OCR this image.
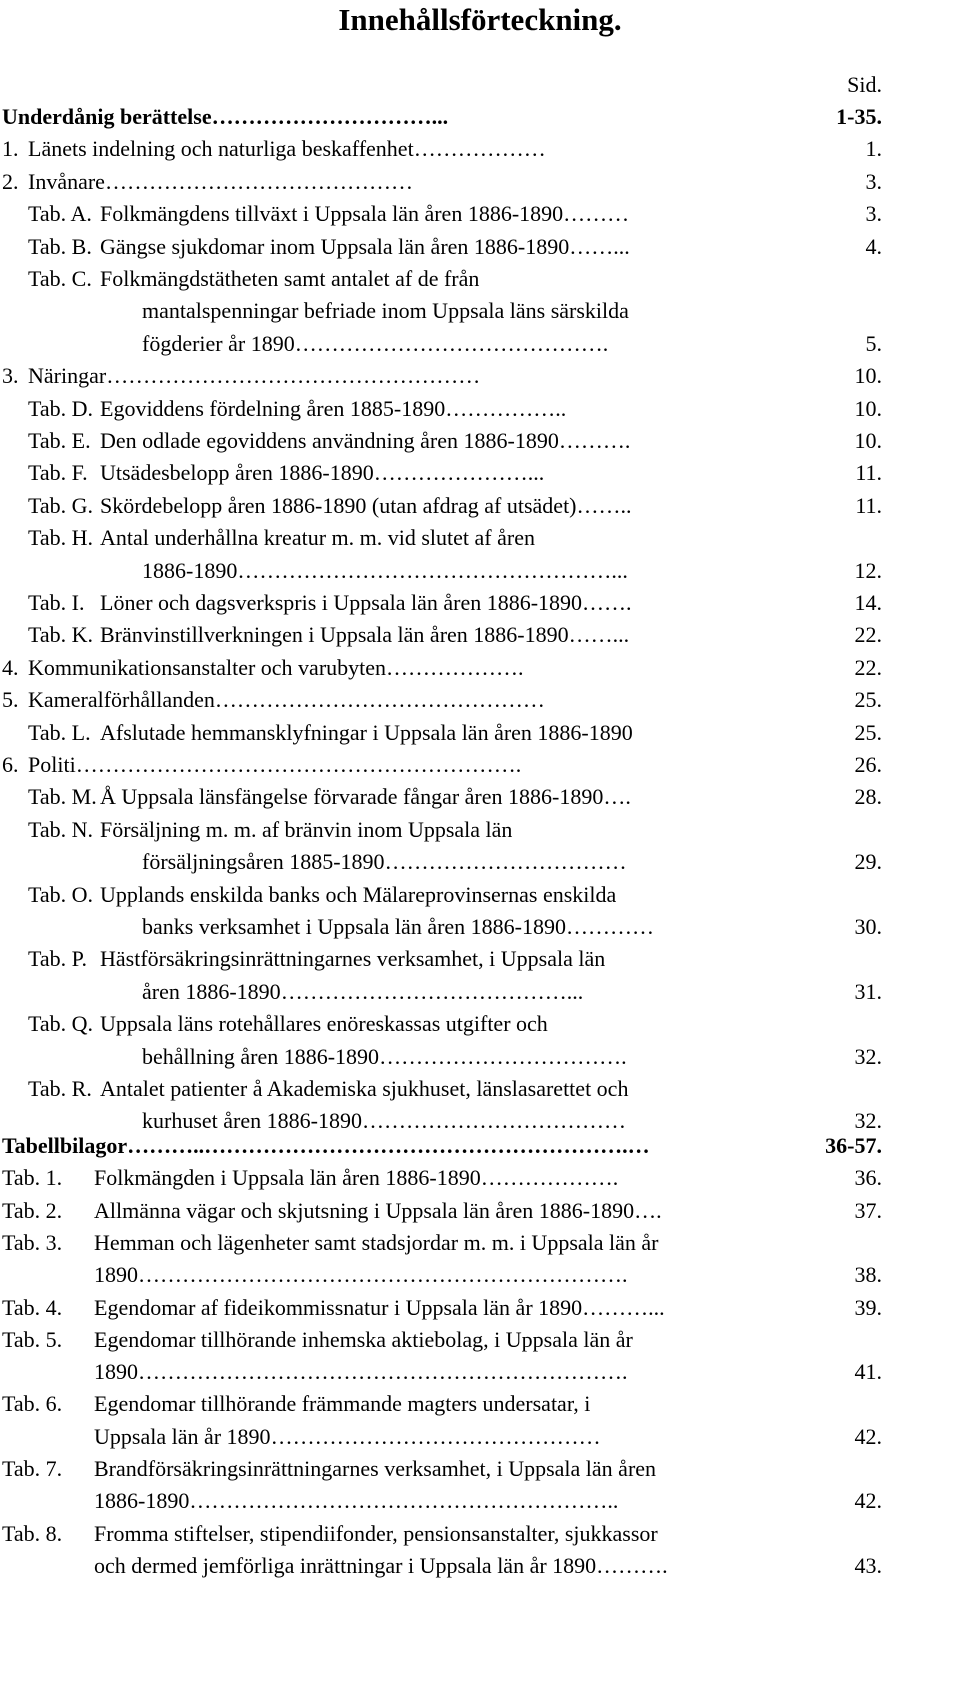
Innehållsförteckning.
Sid.
Underdånig berättelse …………………………...	1-35.
1. Länets indelning och naturliga beskaffenhet ………………	1.
2. Invånare ……………………………………	3.
Tab. A. Folkmängdens tillväxt i Uppsala län åren 1886-1890 ………	3.
Tab. B. Gängse sjukdomar inom Uppsala län åren 1886-1890 ……...	4.
Tab. C. Folkmängdstätheten samt antalet af de från
mantalspenningar befriade inom Uppsala läns särskilda
fögderier år 1890 …………………………………….	5.
3. Näringar ……………………………………………	10.
Tab. D. Egoviddens fördelning åren 1885-1890 ……………..	10.
Tab. E. Den odlade egoviddens användning åren 1886-1890 ……….	10.
Tab. F. Utsädesbelopp åren 1886-1890 …………………...	11.
Tab. G. Skördebelopp åren 1886-1890 (utan afdrag af utsädet) ……..	11.
Tab. H. Antal underhållna kreatur m. m. vid slutet af åren
1886-1890 ……………………………………………...	12.
Tab. I. Löner och dagsverkspris i Uppsala län åren 1886-1890 …….	14.
Tab. K. Bränvinstillverkningen i Uppsala län åren 1886-1890 ……...	22.
4. Kommunikationsanstalter och varubyten ……………….	22.
5. Kameralförhållanden ………………………………………	25.
Tab. L. Afslutade hemmansklyfningar i Uppsala län åren 1886-1890	25.
6. Politi …………………………………………………….	26.
Tab. M. Å Uppsala länsfängelse förvarade fångar åren 1886-1890 ….	28.
Tab. N. Försäljning m. m. af bränvin inom Uppsala län
försäljningsåren 1885-1890 ……………………………	29.
Tab. O. Upplands enskilda banks och Mälareprovinsernas enskilda
banks verksamhet i Uppsala län åren 1886-1890 …………	30.
Tab. P. Hästförsäkringsinrättningarnes verksamhet, i Uppsala län
åren 1886-1890 …………………………………...	31.
Tab. Q. Uppsala läns rotehållares enöreskassas utgifter och
behållning åren 1886-1890 …………………………….	32.
Tab. R. Antalet patienter å Akademiska sjukhuset, länslasarettet och
kurhuset åren 1886-1890 ………………………………	32.
Tabellbilagor ………..………………………………………………….…	36-57.
Tab. 1.	Folkmängden i Uppsala län åren 1886-1890 ……………….	36.
Tab. 2.	Allmänna vägar och skjutsning i Uppsala län åren 1886-1890 ….	37.
Tab. 3.	Hemman och lägenheter samt stadsjordar m. m. i Uppsala län år
1890 ………………………………………………………….	38.
Tab. 4.	Egendomar af fideikommissnatur i Uppsala län år 1890 ………...	39.
Tab. 5.	Egendomar tillhörande inhemska aktiebolag, i Uppsala län år
1890 ………………………………………………………….	41.
Tab. 6.	Egendomar tillhörande främmande magters undersatar, i
Uppsala län år 1890 ………………………………………	42.
Tab. 7.	Brandförsäkringsinrättningarnes verksamhet, i Uppsala län åren
1886-1890 …………………………………………………..	42.
Tab. 8.	Fromma stiftelser, stipendiifonder, pensionsanstalter, sjukkassor
och dermed jemförliga inrättningar i Uppsala län år 1890 ……….	43.
